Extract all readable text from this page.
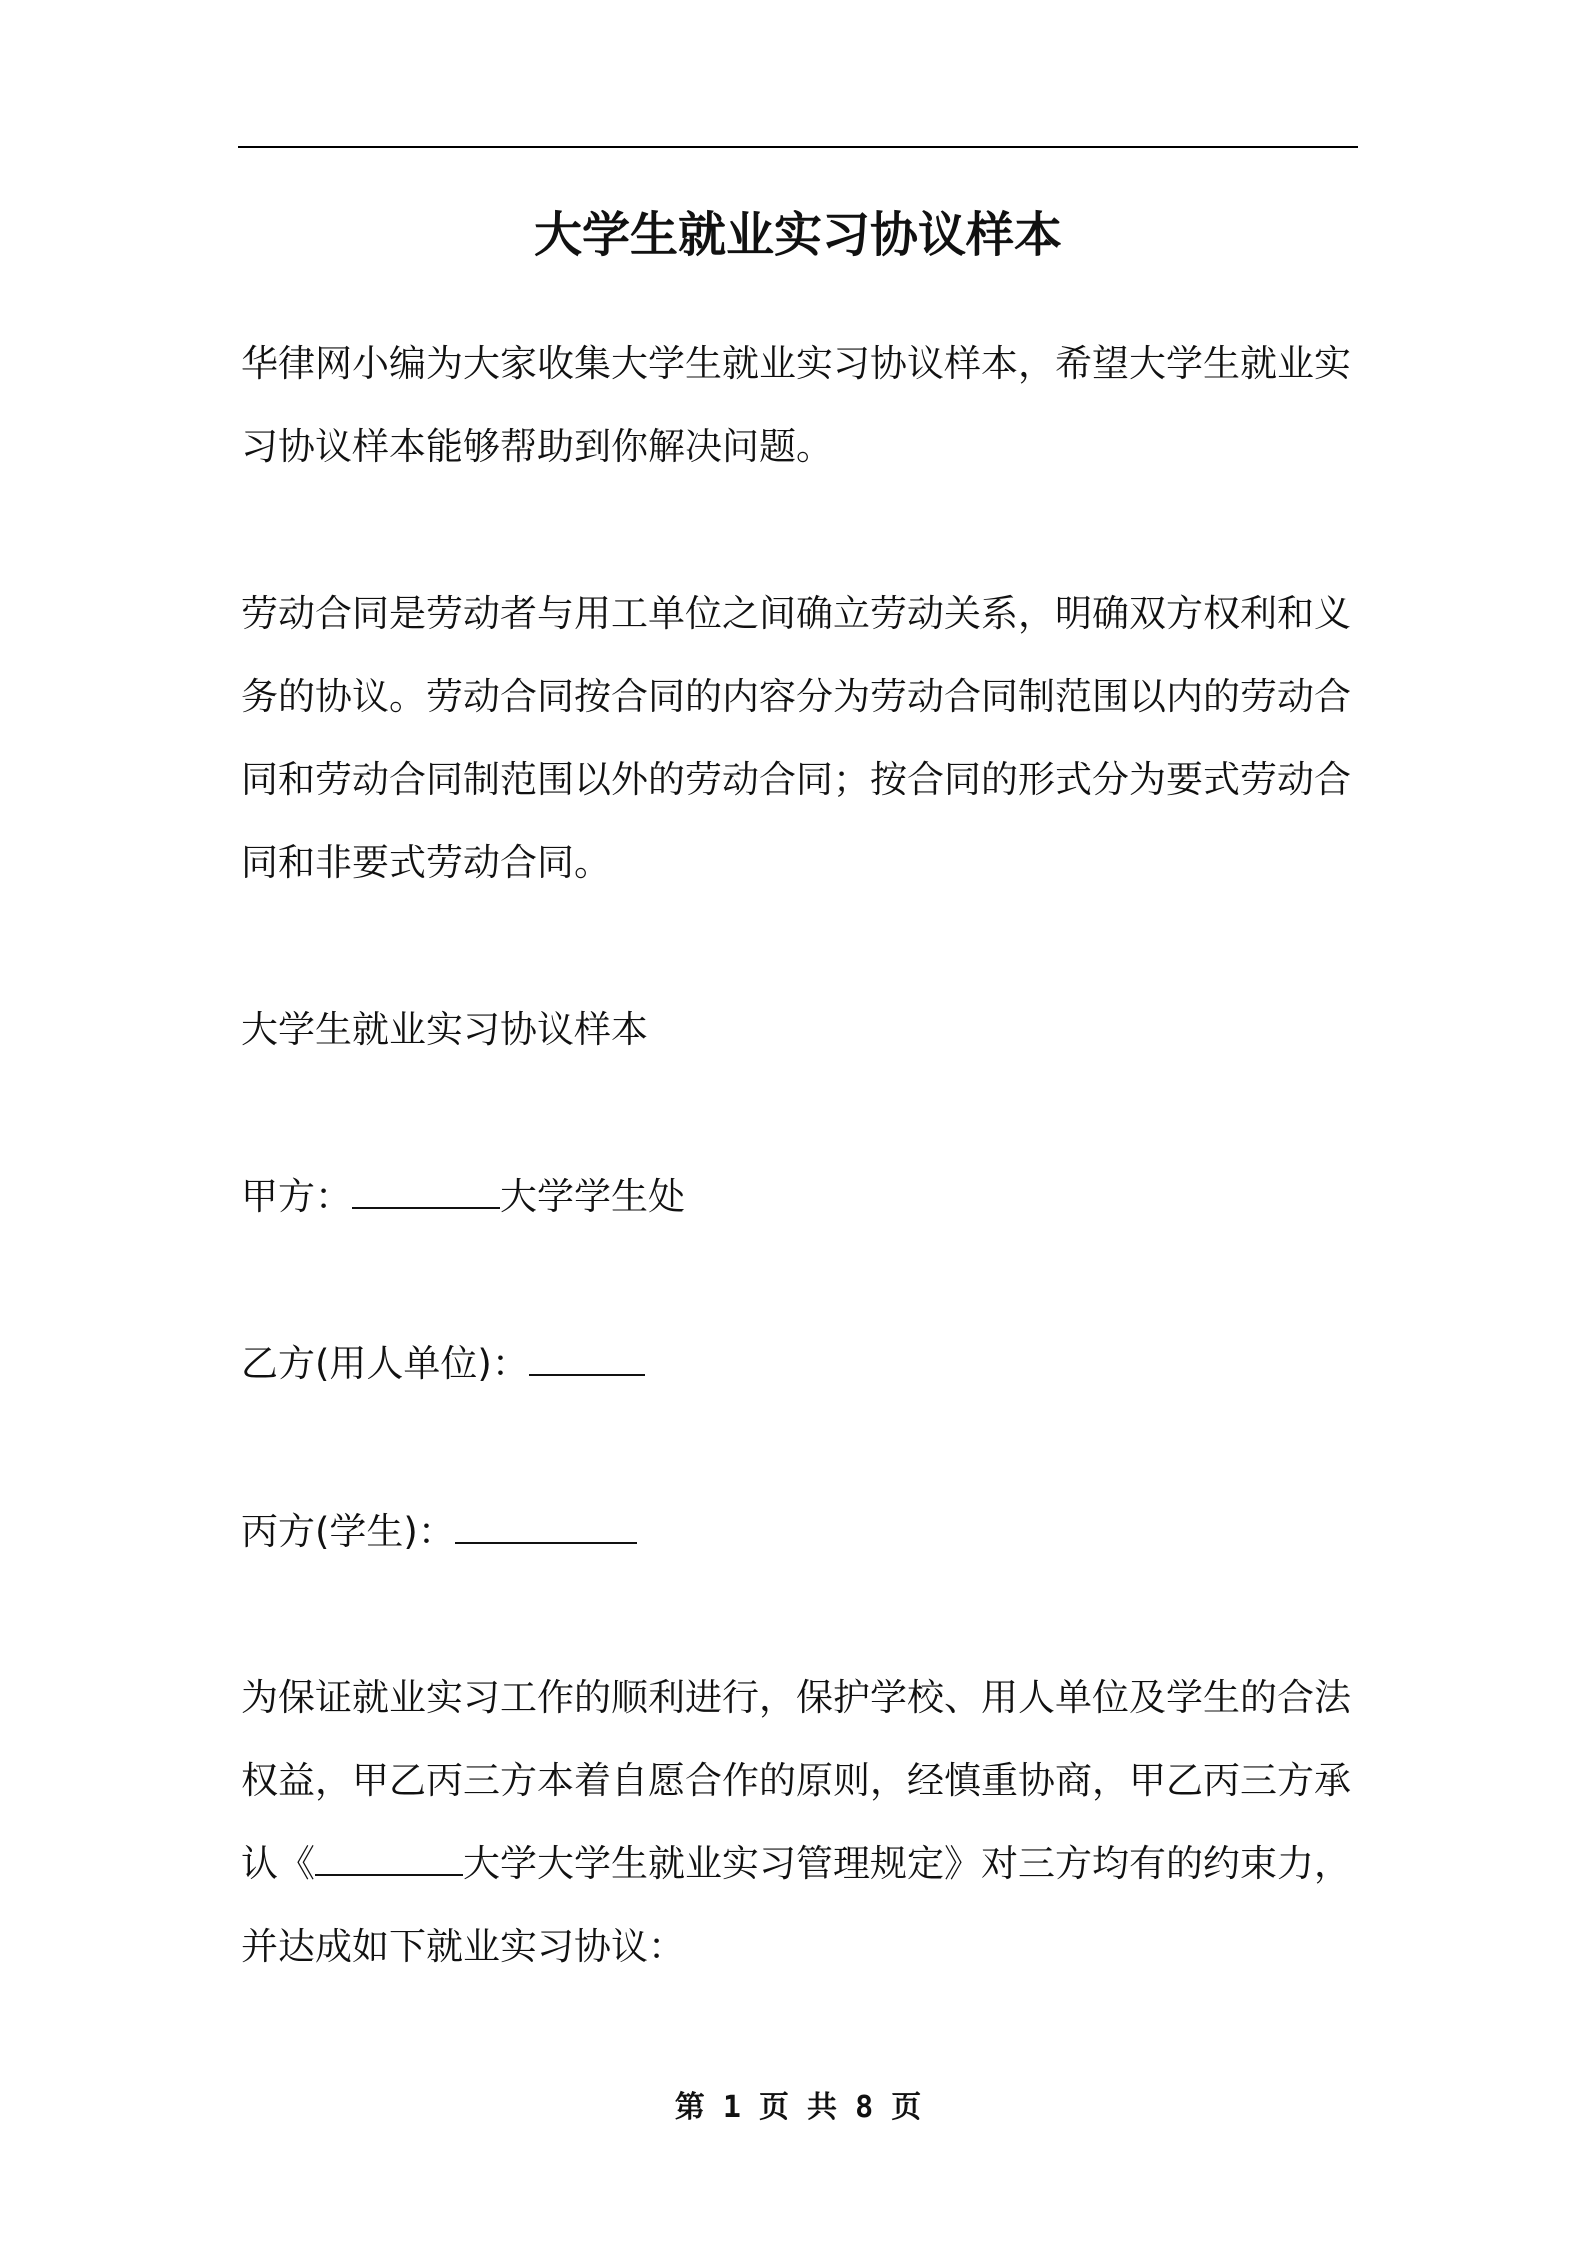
大学生就业实习协议样本

华律网小编为大家收集大学生就业实习协议样本，希望大学生就业实
习协议样本能够帮助到你解决问题。

劳动合同是劳动者与用工单位之间确立劳动关系，明确双方权利和义
务的协议。劳动合同按合同的内容分为劳动合同制范围以内的劳动合
同和劳动合同制范围以外的劳动合同；按合同的形式分为要式劳动合
同和非要式劳动合同。

大学生就业实习协议样本

甲方：	大学学生处

乙方(用人单位)：

丙方(学生)：

为保证就业实习工作的顺利进行，保护学校、用人单位及学生的合法
权益，甲乙丙三方本着自愿合作的原则，经慎重协商，甲乙丙三方承
认《	大学大学生就业实习管理规定》对三方均有的约束力，
并达成如下就业实习协议：

第 1 页 共 8 页
